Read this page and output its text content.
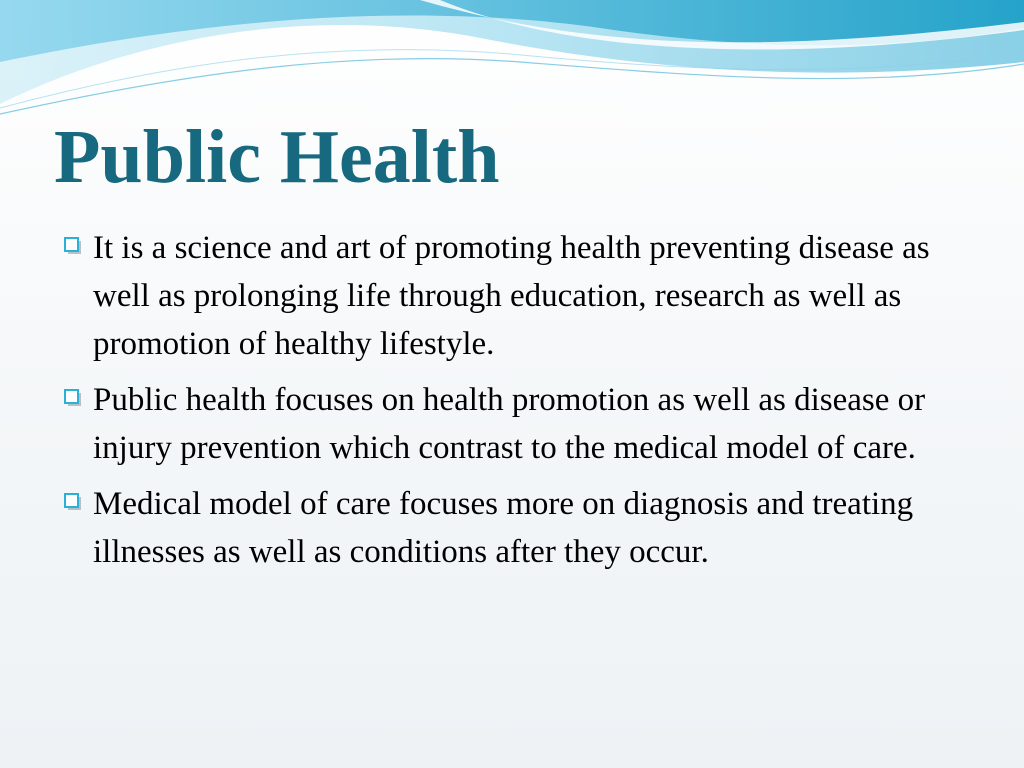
Public Health
It is a science and art of promoting health preventing disease as well as prolonging life through education, research as well as promotion of healthy lifestyle.
Public health focuses on health promotion as well as disease or injury prevention which contrast to the medical model of care.
Medical model of care focuses more on diagnosis and treating illnesses as well as conditions after they occur.
